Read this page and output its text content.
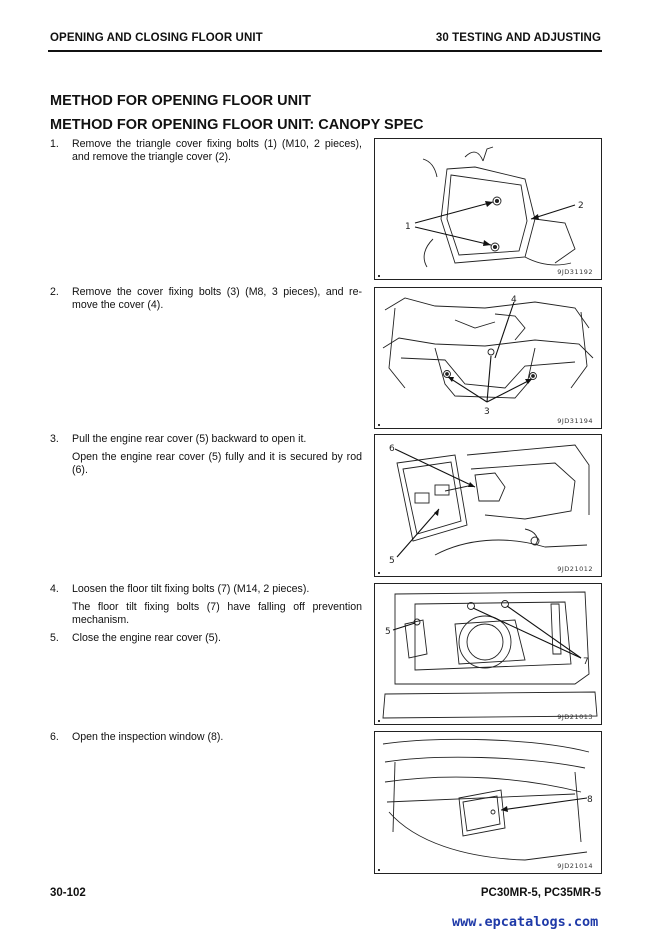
OPENING AND CLOSING FLOOR UNIT	30 TESTING AND ADJUSTING
METHOD FOR OPENING FLOOR UNIT
METHOD FOR OPENING FLOOR UNIT: CANOPY SPEC
1. Remove the triangle cover fixing bolts (1) (M10, 2 pieces), and remove the triangle cover (2).

2. Remove the cover fixing bolts (3) (M8, 3 pieces), and re-move the cover (4).

3. Pull the engine rear cover (5) backward to open it.

Open the engine rear cover (5) fully and it is secured by rod (6).

4. Loosen the floor tilt fixing bolts (7) (M14, 2 pieces).

The floor tilt fixing bolts (7) have falling off prevention mechanism.

5. Close the engine rear cover (5).

6. Open the inspection window (8).

1
2
9JD31192
4
3
9JD31194
6
5
9JD21012
5
7
9JD21013
8
9JD21014
30-102	PC30MR-5, PC35MR-5
www.epcatalogs.com
